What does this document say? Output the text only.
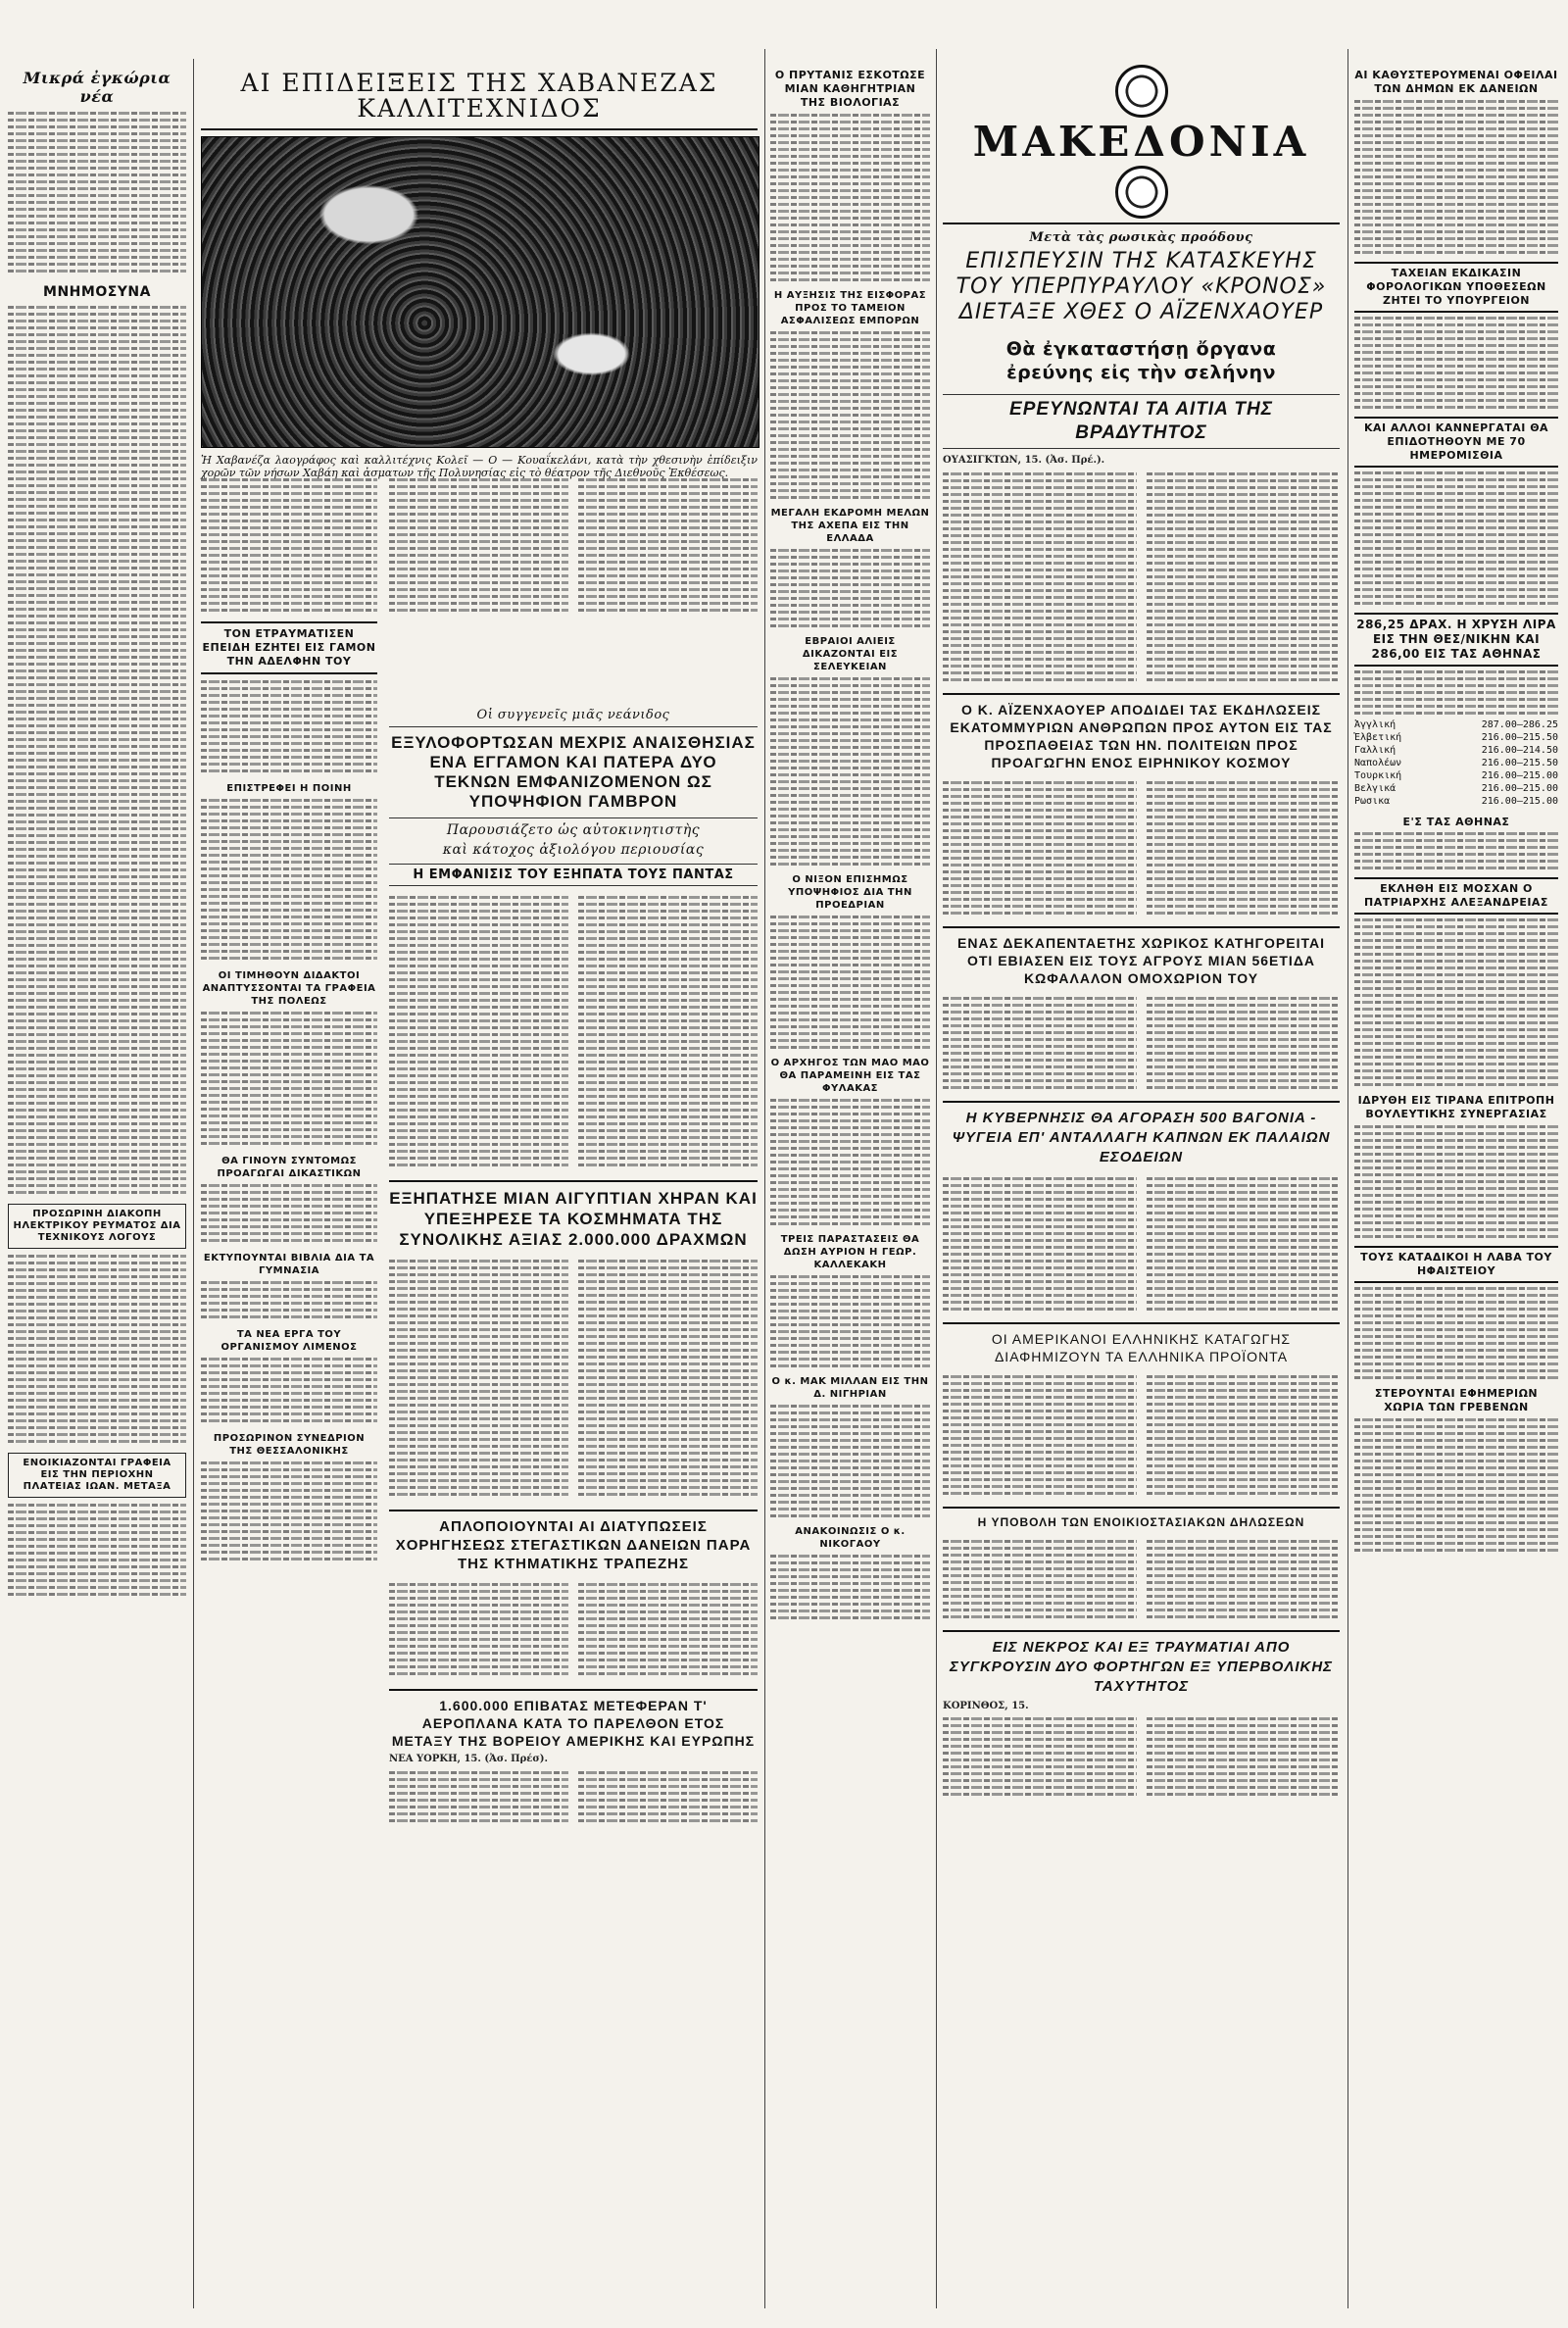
Μικρά ἐγκώρια νέα
ΜΝΗΜΟΣΥΝΑ
ΠΡΟΣΩΡΙΝΗ ΔΙΑΚΟΠΗ ΗΛΕΚΤΡΙΚΟΥ ΡΕΥΜΑΤΟΣ ΔΙΑ ΤΕΧΝΙΚΟΥΣ ΛΟΓΟΥΣ
ΕΝΟΙΚΙΑΖΟΝΤΑΙ ΓΡΑΦΕΙΑ ΕΙΣ ΤΗΝ ΠΕΡΙΟΧΗΝ ΠΛΑΤΕΙΑΣ ΙΩΑΝ. ΜΕΤΑΞΑ
ΑΙ ΕΠΙΔΕΙΞΕΙΣ ΤΗΣ ΧΑΒΑΝΕΖΑΣ ΚΑΛΛΙΤΕΧΝΙΔΟΣ
Ἡ Χαβανέζα λαογράφος καὶ καλλιτέχνις Κολεῖ — Ο — Κουαΐκελάνι, κατὰ τὴν χθεσινὴν ἐπίδειξιν χορῶν τῶν νήσων Χαβάη καὶ ἀσματων τῆς Πολυνησίας εἰς τὸ θέατρον τῆς Διεθνοῦς Ἐκθέσεως.
ΤΟΝ ΕΤΡΑΥΜΑΤΙΣΕΝ ΕΠΕΙΔΗ ΕΖΗΤΕΙ ΕΙΣ ΓΑΜΟΝ ΤΗΝ ΑΔΕΛΦΗΝ ΤΟΥ
ΕΠΙΣΤΡΕΦΕΙ Η ΠΟΙΝΗ
ΟΙ ΤΙΜΗΘΟΥΝ ΔΙΔΑΚΤΟΙ ΑΝΑΠΤΥΣΣΟΝΤΑΙ ΤΑ ΓΡΑΦΕΙΑ ΤΗΣ ΠΟΛΕΩΣ
ΘΑ ΓΙΝΟΥΝ ΣΥΝΤΟΜΩΣ ΠΡΟΑΓΩΓΑΙ ΔΙΚΑΣΤΙΚΩΝ
ΕΚΤΥΠΟΥΝΤΑΙ ΒΙΒΛΙΑ ΔΙΑ ΤΑ ΓΥΜΝΑΣΙΑ
ΤΑ ΝΕΑ ΕΡΓΑ ΤΟΥ ΟΡΓΑΝΙΣΜΟΥ ΛΙΜΕΝΟΣ
ΠΡΟΣΩΡΙΝΟΝ ΣΥΝΕΔΡΙΟΝ ΤΗΣ ΘΕΣΣΑΛΟΝΙΚΗΣ
Οἱ συγγενεῖς μιᾶς νεάνιδος
ΕΞΥΛΟΦΟΡΤΩΣΑΝ ΜΕΧΡΙΣ ΑΝΑΙΣΘΗΣΙΑΣ ΕΝΑ ΕΓΓΑΜΟΝ ΚΑΙ ΠΑΤΕΡΑ ΔΥΟ ΤΕΚΝΩΝ ΕΜΦΑΝΙΖΟΜΕΝΟΝ ΩΣ ΥΠΟΨΗΦΙΟΝ ΓΑΜΒΡΟΝ
Παρουσιάζετο ὡς αὐτοκινητιστὴς
καὶ κάτοχος ἀξιολόγου περιουσίας
Η ΕΜΦΑΝΙΣΙΣ ΤΟΥ ΕΞΗΠΑΤΑ ΤΟΥΣ ΠΑΝΤΑΣ
ΕΞΗΠΑΤΗΣΕ ΜΙΑΝ ΑΙΓΥΠΤΙΑΝ ΧΗΡΑΝ ΚΑΙ ΥΠΕΞΗΡΕΣΕ ΤΑ ΚΟΣΜΗΜΑΤΑ ΤΗΣ ΣΥΝΟΛΙΚΗΣ ΑΞΙΑΣ 2.000.000 ΔΡΑΧΜΩΝ
ΑΠΛΟΠΟΙΟΥΝΤΑΙ ΑΙ ΔΙΑΤΥΠΩΣΕΙΣ ΧΟΡΗΓΗΣΕΩΣ ΣΤΕΓΑΣΤΙΚΩΝ ΔΑΝΕΙΩΝ ΠΑΡΑ ΤΗΣ ΚΤΗΜΑΤΙΚΗΣ ΤΡΑΠΕΖΗΣ
1.600.000 ΕΠΙΒΑΤΑΣ ΜΕΤΕΦΕΡΑΝ Τ' ΑΕΡΟΠΛΑΝΑ ΚΑΤΑ ΤΟ ΠΑΡΕΛΘΟΝ ΕΤΟΣ ΜΕΤΑΞΥ ΤΗΣ ΒΟΡΕΙΟΥ ΑΜΕΡΙΚΗΣ ΚΑΙ ΕΥΡΩΠΗΣ
ΝΕΑ ΥΟΡΚΗ, 15. (Ἀσ. Πρέσ).
Ο ΠΡΥΤΑΝΙΣ ΕΣΚΟΤΩΣΕ ΜΙΑΝ ΚΑΘΗΓΗΤΡΙΑΝ ΤΗΣ ΒΙΟΛΟΓΙΑΣ
Η ΑΥΞΗΣΙΣ ΤΗΣ ΕΙΣΦΟΡΑΣ ΠΡΟΣ ΤΟ ΤΑΜΕΙΟΝ ΑΣΦΑΛΙΣΕΩΣ ΕΜΠΟΡΩΝ
ΜΕΓΑΛΗ ΕΚΔΡΟΜΗ ΜΕΛΩΝ ΤΗΣ ΑΧΕΠΑ ΕΙΣ ΤΗΝ ΕΛΛΑΔΑ
ΕΒΡΑΙΟΙ ΑΛΙΕΙΣ ΔΙΚΑΖΟΝΤΑΙ ΕΙΣ ΣΕΛΕΥΚΕΙΑΝ
Ο ΝΙΞΟΝ ΕΠΙΣΗΜΩΣ ΥΠΟΨΗΦΙΟΣ ΔΙΑ ΤΗΝ ΠΡΟΕΔΡΙΑΝ
Ο ΑΡΧΗΓΟΣ ΤΩΝ ΜΑΟ ΜΑΟ ΘΑ ΠΑΡΑΜΕΙΝΗ ΕΙΣ ΤΑΣ ΦΥΛΑΚΑΣ
ΤΡΕΙΣ ΠΑΡΑΣΤΑΣΕΙΣ ΘΑ ΔΩΣΗ ΑΥΡΙΟΝ Η ΓΕΩΡ. ΚΑΛΛΕΚΑΚΗ
Ο κ. ΜΑΚ ΜΙΛΛΑΝ ΕΙΣ ΤΗΝ Δ. ΝΙΓΗΡΙΑΝ
ΑΝΑΚΟΙΝΩΣΙΣ Ο κ. ΝΙΚΟΓΑΟΥ
ΜΑΚΕΔΟΝΙΑ
Μετὰ τὰς ρωσικὰς προόδους
ΕΠΙΣΠΕΥΣΙΝ ΤΗΣ ΚΑΤΑΣΚΕΥΗΣ ΤΟΥ ΥΠΕΡΠΥΡΑΥΛΟΥ «ΚΡΟΝΟΣ» ΔΙΕΤΑΞΕ ΧΘΕΣ Ο ΑΪΖΕΝΧΑΟΥΕΡ
Θὰ ἐγκαταστήσῃ ὄργανα
ἐρεύνης εἰς τὴν σελήνην
ΕΡΕΥΝΩΝΤΑΙ ΤΑ ΑΙΤΙΑ ΤΗΣ ΒΡΑΔΥΤΗΤΟΣ
ΟΥΑΣΙΓΚΤΩΝ, 15. (Ἀσ. Πρέ.).
Ο Κ. ΑΪΖΕΝΧΑΟΥΕΡ ΑΠΟΔΙΔΕΙ ΤΑΣ ΕΚΔΗΛΩΣΕΙΣ ΕΚΑΤΟΜΜΥΡΙΩΝ ΑΝΘΡΩΠΩΝ ΠΡΟΣ ΑΥΤΟΝ ΕΙΣ ΤΑΣ ΠΡΟΣΠΑΘΕΙΑΣ ΤΩΝ ΗΝ. ΠΟΛΙΤΕΙΩΝ ΠΡΟΣ ΠΡΟΑΓΩΓΗΝ ΕΝΟΣ ΕΙΡΗΝΙΚΟΥ ΚΟΣΜΟΥ
ΕΝΑΣ ΔΕΚΑΠΕΝΤΑΕΤΗΣ ΧΩΡΙΚΟΣ ΚΑΤΗΓΟΡΕΙΤΑΙ ΟΤΙ ΕΒΙΑΣΕΝ ΕΙΣ ΤΟΥΣ ΑΓΡΟΥΣ ΜΙΑΝ 56ΕΤΙΔΑ ΚΩΦΑΛΑΛΟΝ ΟΜΟΧΩΡΙΟΝ ΤΟΥ
Η ΚΥΒΕΡΝΗΣΙΣ ΘΑ ΑΓΟΡΑΣΗ 500 ΒΑΓΟΝΙΑ - ΨΥΓΕΙΑ ΕΠ' ΑΝΤΑΛΛΑΓΗ ΚΑΠΝΩΝ ΕΚ ΠΑΛΑΙΩΝ ΕΣΟΔΕΙΩΝ
ΟΙ ΑΜΕΡΙΚΑΝΟΙ ΕΛΛΗΝΙΚΗΣ ΚΑΤΑΓΩΓΗΣ ΔΙΑΦΗΜΙΖΟΥΝ ΤΑ ΕΛΛΗΝΙΚΑ ΠΡΟΪΟΝΤΑ
Η ΥΠΟΒΟΛΗ ΤΩΝ ΕΝΟΙΚΙΟΣΤΑΣΙΑΚΩΝ ΔΗΛΩΣΕΩΝ
ΕΙΣ ΝΕΚΡΟΣ ΚΑΙ ΕΞ ΤΡΑΥΜΑΤΙΑΙ ΑΠΟ ΣΥΓΚΡΟΥΣΙΝ ΔΥΟ ΦΟΡΤΗΓΩΝ ΕΞ ΥΠΕΡΒΟΛΙΚΗΣ ΤΑΧΥΤΗΤΟΣ
ΚΟΡΙΝΘΟΣ, 15.
ΑΙ ΚΑΘΥΣΤΕΡΟΥΜΕΝΑΙ ΟΦΕΙΛΑΙ ΤΩΝ ΔΗΜΩΝ ΕΚ ΔΑΝΕΙΩΝ
ΤΑΧΕΙΑΝ ΕΚΔΙΚΑΣΙΝ ΦΟΡΟΛΟΓΙΚΩΝ ΥΠΟΘΕΣΕΩΝ ΖΗΤΕΙ ΤΟ ΥΠΟΥΡΓΕΙΟΝ
ΚΑΙ ΑΛΛΟΙ ΚΑΝΝΕΡΓΑΤΑΙ ΘΑ ΕΠΙΔΟΤΗΘΟΥΝ ΜΕ 70 ΗΜΕΡΟΜΙΣΘΙΑ
286,25 ΔΡΑΧ. Η ΧΡΥΣΗ ΛΙΡΑ ΕΙΣ ΤΗΝ ΘΕΣ/ΝΙΚΗΝ ΚΑΙ 286,00 ΕΙΣ ΤΑΣ ΑΘΗΝΑΣ
Ἀγγλική	287.00—286.25
Ἑλβετική	216.00—215.50
Γαλλική	216.00—214.50
Ναπολέων	216.00—215.50
Τουρκική	216.00—215.00
Βελγικά	216.00—215.00
Ρωσικα	216.00—215.00
Ε'Σ ΤΑΣ ΑΘΗΝΑΣ
ΕΚΛΗΘΗ ΕΙΣ ΜΟΣΧΑΝ Ο ΠΑΤΡΙΑΡΧΗΣ ΑΛΕΞΑΝΔΡΕΙΑΣ
ΙΔΡΥΘΗ ΕΙΣ ΤΙΡΑΝΑ ΕΠΙΤΡΟΠΗ ΒΟΥΛΕΥΤΙΚΗΣ ΣΥΝΕΡΓΑΣΙΑΣ
ΤΟΥΣ ΚΑΤΑΔΙΚΟΙ Η ΛΑΒΑ ΤΟΥ ΗΦΑΙΣΤΕΙΟΥ
ΣΤΕΡΟΥΝΤΑΙ ΕΦΗΜΕΡΙΩΝ ΧΩΡΙΑ ΤΩΝ ΓΡΕΒΕΝΩΝ
